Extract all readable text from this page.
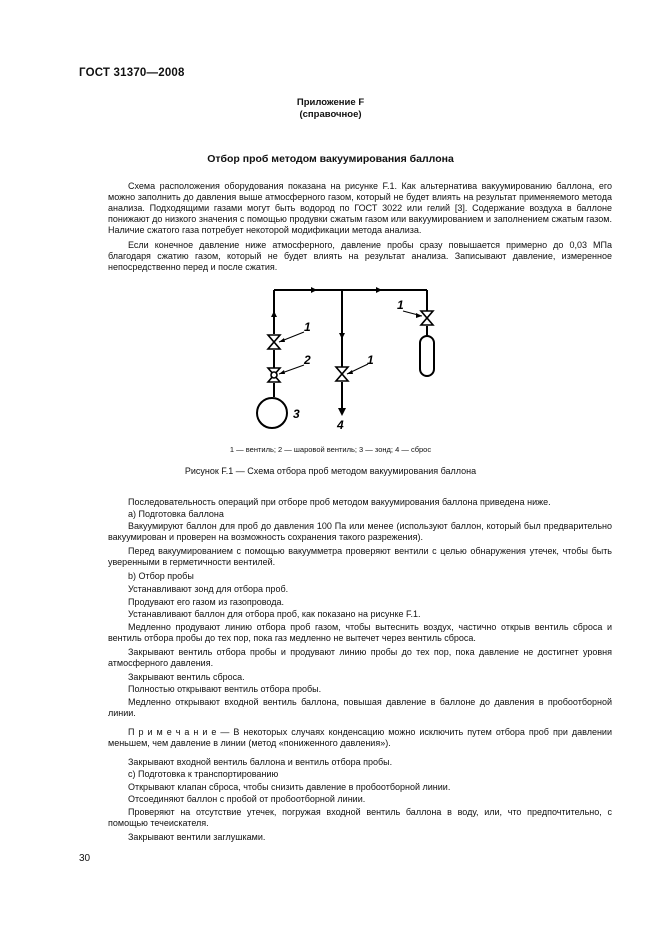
ГОСТ 31370—2008
Приложение F
(справочное)
Отбор проб методом вакуумирования баллона
Схема расположения оборудования показана на рисунке F.1. Как альтернатива вакуумированию баллона, его можно заполнить до давления выше атмосферного газом, который не будет влиять на результат применяемого метода анализа. Подходящими газами могут быть водород по ГОСТ 3022 или гелий [3]. Содержание воздуха в баллоне понижают до низкого значения с помощью продувки сжатым газом или вакуумированием и заполнением сжатым газом. Наличие сжатого газа потребует некоторой модификации метода анализа.
Если конечное давление ниже атмосферного, давление пробы сразу повышается примерно до 0,03 МПа благодаря сжатию газом, который не будет влиять на результат анализа. Записывают давление, измеренное непосредственно перед и после сжатия.
1
2
3
1
1
4
1 — вентиль; 2 — шаровой вентиль; 3 — зонд; 4 — сброс
Рисунок F.1 — Схема отбора проб методом вакуумирования баллона
Последовательность операций при отборе проб методом вакуумирования баллона приведена ниже.
а) Подготовка баллона
Вакуумируют баллон для проб до давления 100 Па или менее (используют баллон, который был предварительно вакуумирован и проверен на возможность сохранения такого разрежения).
Перед вакуумированием с помощью вакуумметра проверяют вентили с целью обнаружения утечек, чтобы быть уверенными в герметичности вентилей.
b) Отбор пробы
Устанавливают зонд для отбора проб.
Продувают его газом из газопровода.
Устанавливают баллон для отбора проб, как показано на рисунке F.1.
Медленно продувают линию отбора проб газом, чтобы вытеснить воздух, частично открыв вентиль сброса и вентиль отбора пробы до тех пор, пока газ медленно не вытечет через вентиль сброса.
Закрывают вентиль отбора пробы и продувают линию пробы до тех пор, пока давление не достигнет уровня атмосферного давления.
Закрывают вентиль сброса.
Полностью открывают вентиль отбора пробы.
Медленно открывают входной вентиль баллона, повышая давление в баллоне до давления в пробоотборной линии.
П р и м е ч а н и е — В некоторых случаях конденсацию можно исключить путем отбора проб при давлении меньшем, чем давление в линии (метод «пониженного давления»).
Закрывают входной вентиль баллона и вентиль отбора пробы.
с) Подготовка к транспортированию
Открывают клапан сброса, чтобы снизить давление в пробоотборной линии.
Отсоединяют баллон с пробой от пробоотборной линии.
Проверяют на отсутствие утечек, погружая входной вентиль баллона в воду, или, что предпочтительно, с помощью течеискателя.
Закрывают вентили заглушками.
30
